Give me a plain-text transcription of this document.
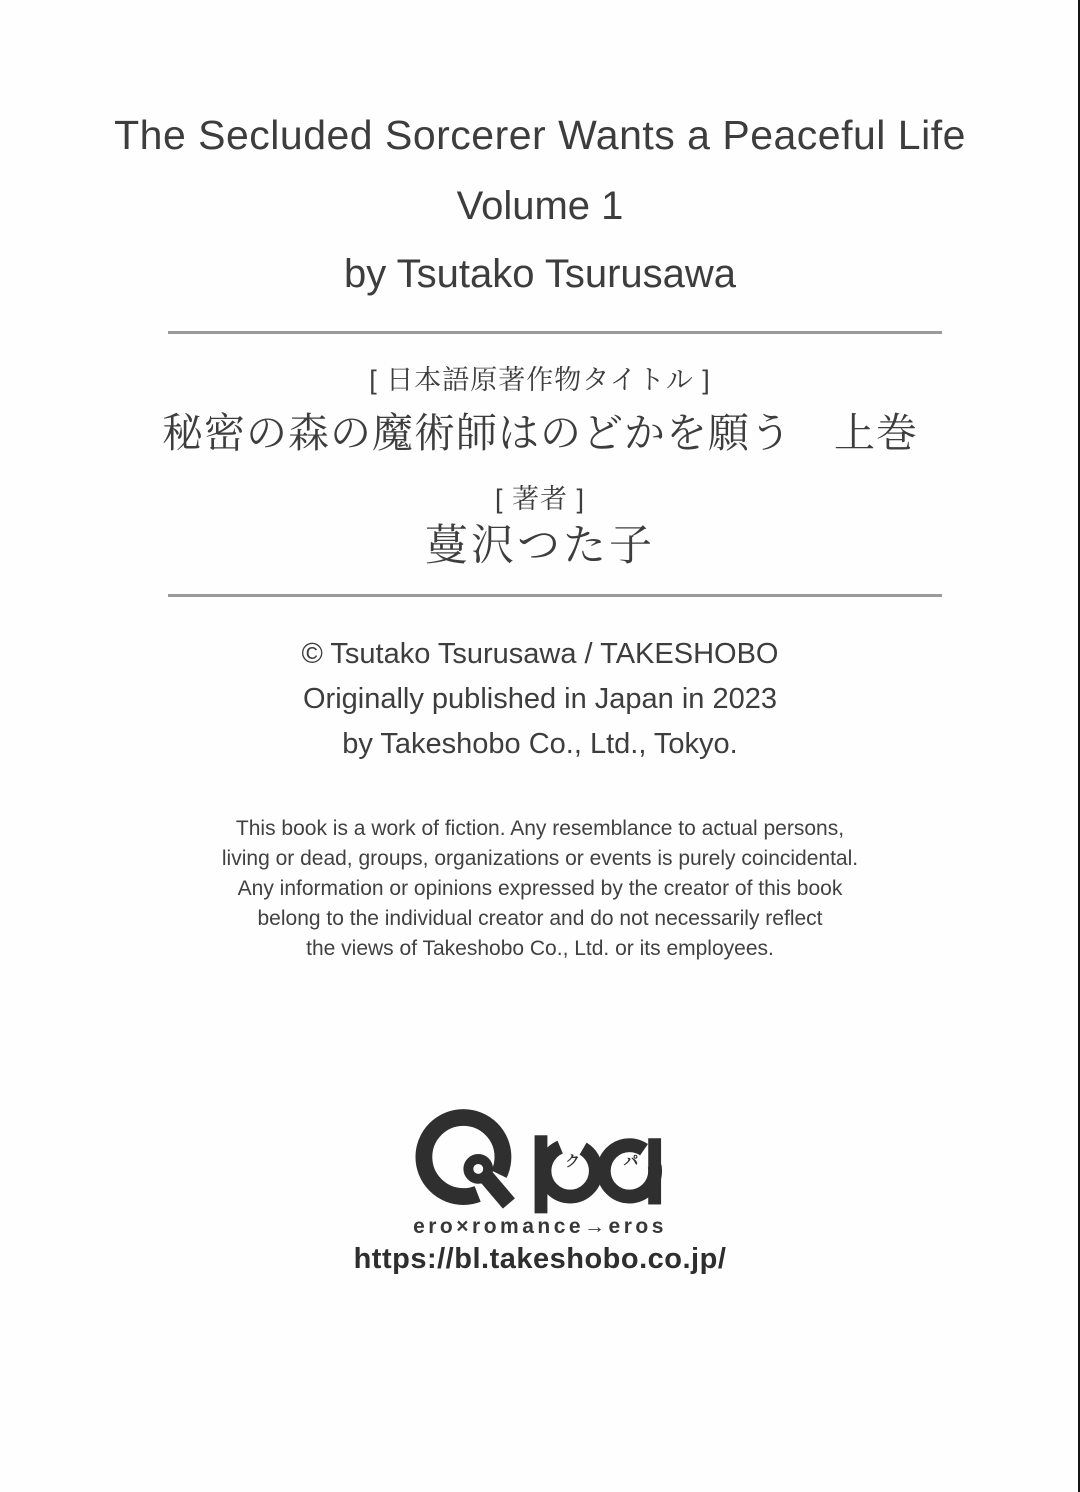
The Secluded Sorcerer Wants a Peaceful Life
Volume 1
by Tsutako Tsurusawa
[ 日本語原著作物タイトル ]
秘密の森の魔術師はのどかを願う　上巻
[ 著者 ]
蔓沢つた子
© Tsutako Tsurusawa / TAKESHOBO
Originally published in Japan in 2023
by Takeshobo Co., Ltd., Tokyo.
This book is a work of fiction. Any resemblance to actual persons,
living or dead, groups, organizations or events is purely coincidental.
Any information or opinions expressed by the creator of this book
belong to the individual creator and do not necessarily reflect
the views of Takeshobo Co., Ltd. or its employees.
ク	パ
ero×romance→eros
https://bl.takeshobo.co.jp/
